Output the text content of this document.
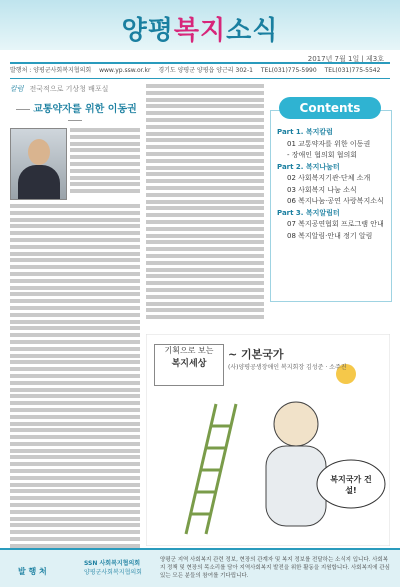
양평복지소식
2017년 7월 1일 | 제3호
발행처 : 양평군사회복지협의회 www.yp.ssw.or.kr 경기도 양평군 양평읍 양근리 302-1 TEL(031)775-5990 TEL(031)775-5542
칼럼 전국적으로 기상청 배포실
교통약자를 위한 이동권	Contents
Part 1. 복지칼럼
01 교통약자를 위한 이동권
- 장애인 협의회 협의회
Part 2. 복지나눔터
02 사회복지기관·단체 소개
03 사회복지 나눔 소식
06 복지나눔·공연 사랑복지소식
Part 3. 복지알림터
07 복지공연협회 프로그램 안내
08 복지알림·안내 정기 알림
기획으로 보는
복지세상
~ 기본국가
(사)양평공생장애인 복지회장 김성준 · 소주진
복지국가 건설!
발 행 처
SSN 사회복지협의회
양평군사회복지협의회
양평군 지역 사회복지 관련 정보, 현장의 관계자 및 복지 정보를 전달하는 소식지 입니다. 사회복지 정책 및 현장의 목소리를 담아 지역사회복지 발전을 위한 활동을 지원합니다. 사회복지에 관심 있는 모든 분들의 참여를 기다립니다.
